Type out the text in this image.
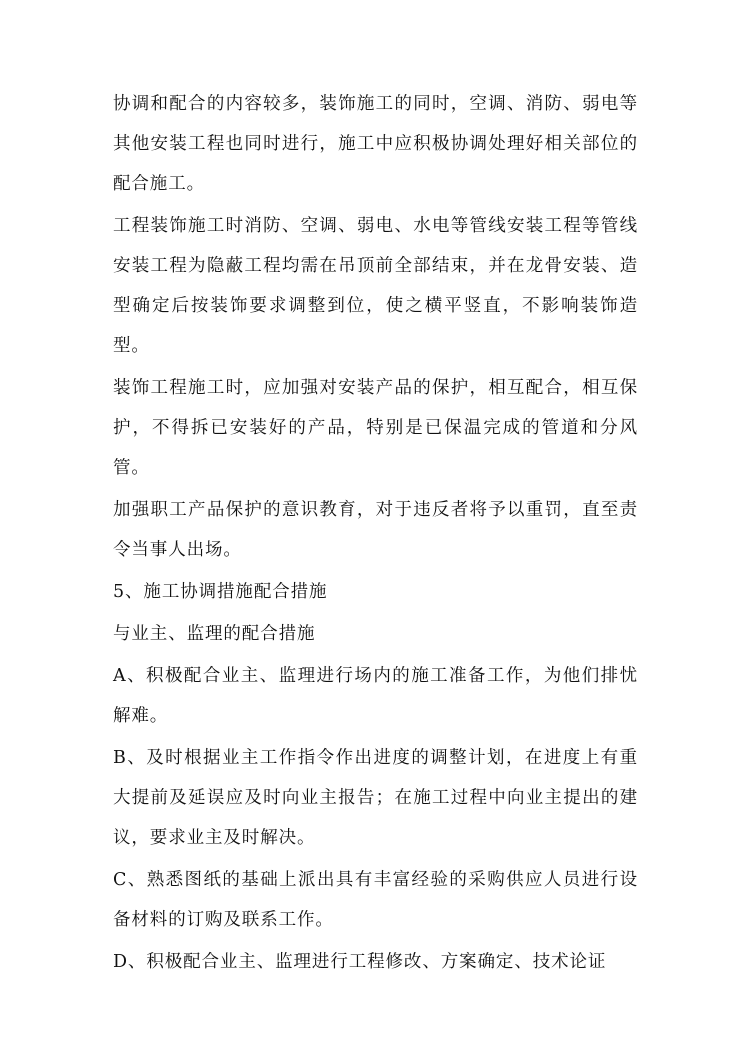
协调和配合的内容较多，装饰施工的同时，空调、消防、弱电等其他安装工程也同时进行，施工中应积极协调处理好相关部位的配合施工。

工程装饰施工时消防、空调、弱电、水电等管线安装工程等管线安装工程为隐蔽工程均需在吊顶前全部结束，并在龙骨安装、造型确定后按装饰要求调整到位，使之横平竖直，不影响装饰造型。

装饰工程施工时，应加强对安装产品的保护，相互配合，相互保护，不得拆已安装好的产品，特别是已保温完成的管道和分风管。

加强职工产品保护的意识教育，对于违反者将予以重罚，直至责令当事人出场。

5、施工协调措施配合措施

与业主、监理的配合措施

A、积极配合业主、监理进行场内的施工准备工作，为他们排忧解难。

B、及时根据业主工作指令作出进度的调整计划，在进度上有重大提前及延误应及时向业主报告；在施工过程中向业主提出的建议，要求业主及时解决。

C、熟悉图纸的基础上派出具有丰富经验的采购供应人员进行设备材料的订购及联系工作。

D、积极配合业主、监理进行工程修改、方案确定、技术论证
